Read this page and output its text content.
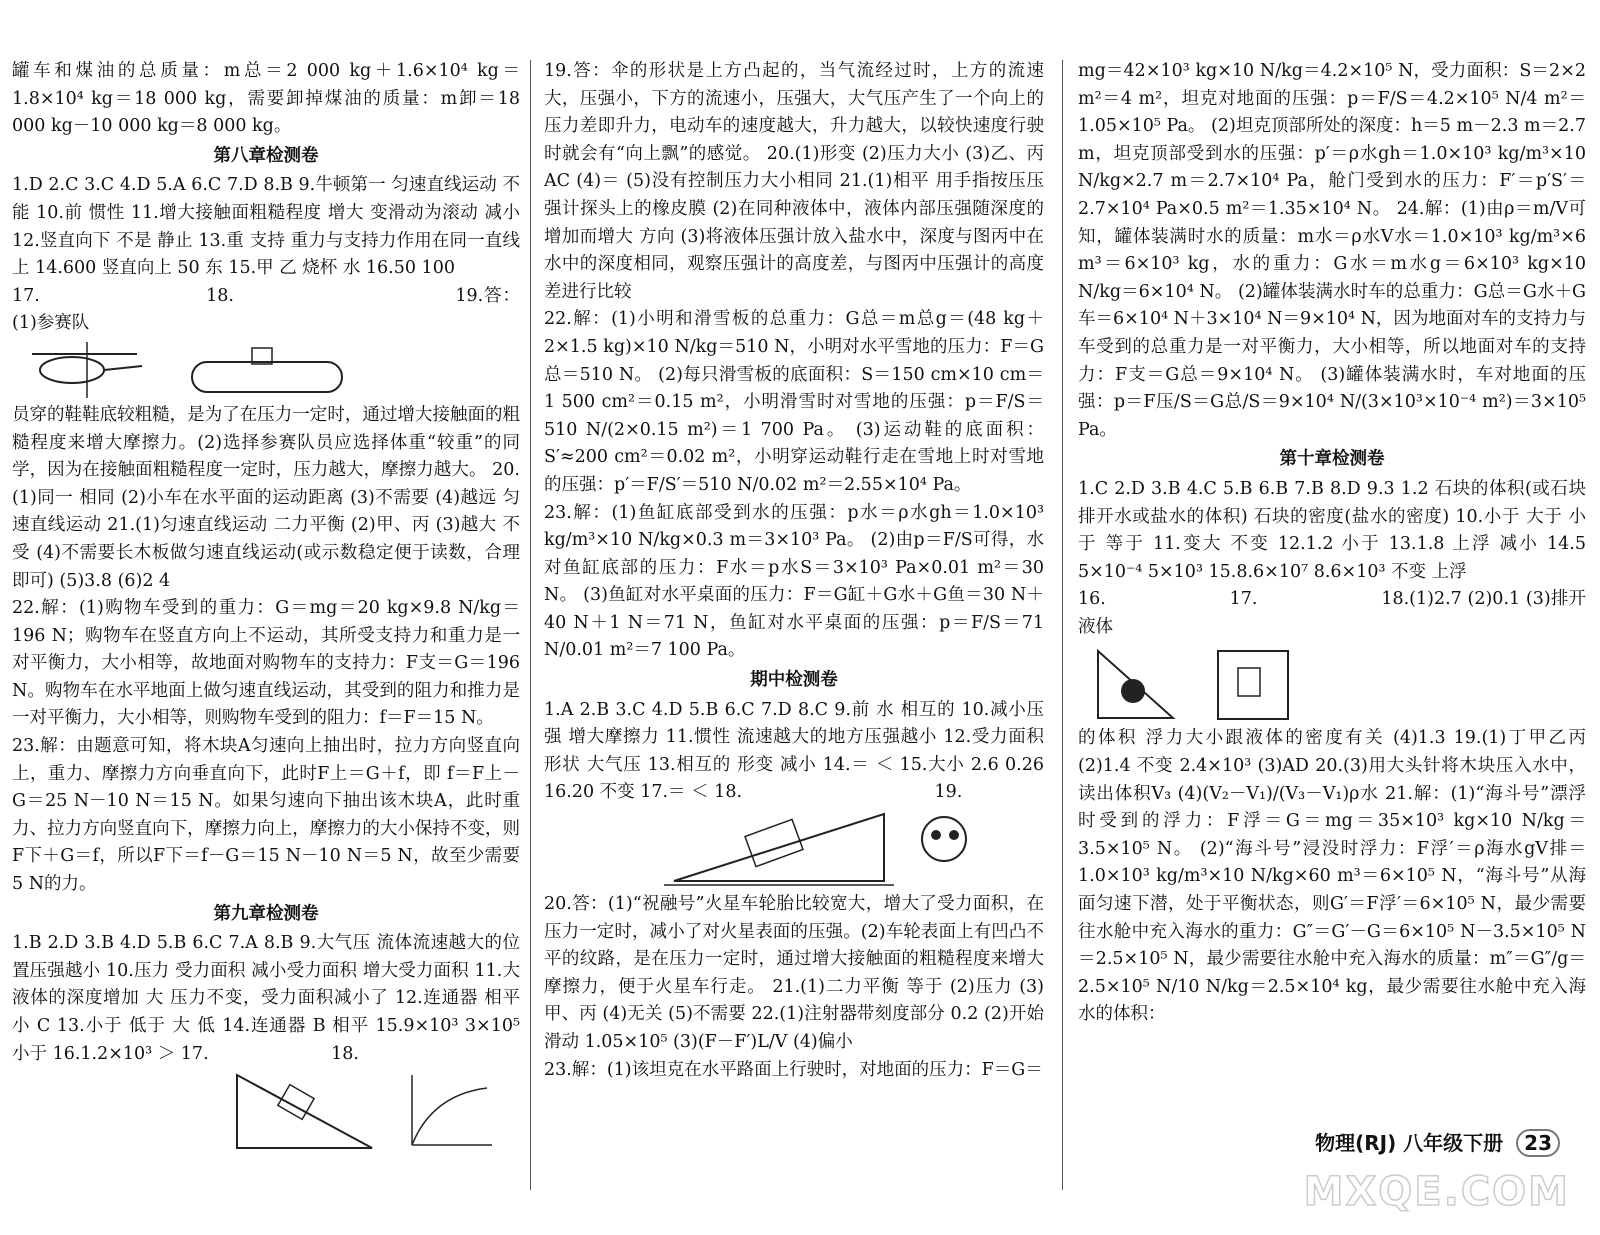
罐车和煤油的总质量：m总＝2 000 kg＋1.6×10⁴ kg＝1.8×10⁴ kg＝18 000 kg，需要卸掉煤油的质量：m卸＝18 000 kg－10 000 kg＝8 000 kg。

第八章检测卷

1.D 2.C 3.C 4.D 5.A 6.C 7.D 8.B 9.牛顿第一 匀速直线运动 不能 10.前 惯性 11.增大接触面粗糙程度 增大 变滑动为滚动 减小 12.竖直向下 不是 静止 13.重 支持 重力与支持力作用在同一直线上 14.600 竖直向上 50 东 15.甲 乙 烧杯 水 16.50 100

17.　　　　　　　　　18.　　　　　　　　　　　　19.答：(1)参赛队

员穿的鞋鞋底较粗糙，是为了在压力一定时，通过增大接触面的粗糙程度来增大摩擦力。(2)选择参赛队员应选择体重“较重”的同学，因为在接触面粗糙程度一定时，压力越大，摩擦力越大。 20.(1)同一 相同 (2)小车在水平面的运动距离 (3)不需要 (4)越远 匀速直线运动 21.(1)匀速直线运动 二力平衡 (2)甲、丙 (3)越大 不受 (4)不需要长木板做匀速直线运动(或示数稳定便于读数，合理即可) (5)3.8 (6)2 4

22.解：(1)购物车受到的重力：G＝mg＝20 kg×9.8 N/kg＝196 N；购物车在竖直方向上不运动，其所受支持力和重力是一对平衡力，大小相等，故地面对购物车的支持力：F支＝G＝196 N。购物车在水平地面上做匀速直线运动，其受到的阻力和推力是一对平衡力，大小相等，则购物车受到的阻力：f＝F＝15 N。

23.解：由题意可知，将木块A匀速向上抽出时，拉力方向竖直向上，重力、摩擦力方向垂直向下，此时F上＝G＋f，即 f＝F上－G＝25 N－10 N＝15 N。如果匀速向下抽出该木块A，此时重力、拉力方向竖直向下，摩擦力向上，摩擦力的大小保持不变，则F下＋G＝f，所以F下＝f－G＝15 N－10 N＝5 N，故至少需要5 N的力。

第九章检测卷

1.B 2.D 3.B 4.D 5.B 6.C 7.A 8.B 9.大气压 流体流速越大的位置压强越小 10.压力 受力面积 减小受力面积 增大受力面积 11.大 液体的深度增加 大 压力不变，受力面积减小了 12.连通器 相平 小 C 13.小于 低于 大 低 14.连通器 B 相平 15.9×10³ 3×10⁵ 小于 16.1.2×10³ ＞ 17.　　　　　　　18.

19.答：伞的形状是上方凸起的，当气流经过时，上方的流速大，压强小，下方的流速小，压强大，大气压产生了一个向上的压力差即升力，电动车的速度越大，升力越大，以较快速度行驶时就会有“向上飘”的感觉。 20.(1)形变 (2)压力大小 (3)乙、丙 AC (4)＝ (5)没有控制压力大小相同 21.(1)相平 用手指按压压强计探头上的橡皮膜 (2)在同种液体中，液体内部压强随深度的增加而增大 方向 (3)将液体压强计放入盐水中，深度与图丙中在水中的深度相同，观察压强计的高度差，与图丙中压强计的高度差进行比较

22.解：(1)小明和滑雪板的总重力：G总＝m总g＝(48 kg＋2×1.5 kg)×10 N/kg＝510 N，小明对水平雪地的压力：F＝G总＝510 N。 (2)每只滑雪板的底面积：S＝150 cm×10 cm＝1 500 cm²＝0.15 m²，小明滑雪时对雪地的压强：p＝F/S＝510 N/(2×0.15 m²)＝1 700 Pa。 (3)运动鞋的底面积：S′≈200 cm²＝0.02 m²，小明穿运动鞋行走在雪地上时对雪地的压强：p′＝F/S′＝510 N/0.02 m²＝2.55×10⁴ Pa。

23.解：(1)鱼缸底部受到水的压强：p水＝ρ水gh＝1.0×10³ kg/m³×10 N/kg×0.3 m＝3×10³ Pa。 (2)由p＝F/S可得，水对鱼缸底部的压力：F水＝p水S＝3×10³ Pa×0.01 m²＝30 N。 (3)鱼缸对水平桌面的压力：F＝G缸＋G水＋G鱼＝30 N＋40 N＋1 N＝71 N，鱼缸对水平桌面的压强：p＝F/S＝71 N/0.01 m²＝7 100 Pa。

期中检测卷

1.A 2.B 3.C 4.D 5.B 6.C 7.D 8.C 9.前 水 相互的 10.减小压强 增大摩擦力 11.惯性 流速越大的地方压强越小 12.受力面积 形状 大气压 13.相互的 形变 减小 14.＝ ＜ 15.大小 2.6 0.26 16.20 不变 17.＝ ＜ 18.　　　　　　　　　　　19.

20.答：(1)“祝融号”火星车轮胎比较宽大，增大了受力面积，在压力一定时，减小了对火星表面的压强。(2)车轮表面上有凹凸不平的纹路，是在压力一定时，通过增大接触面的粗糙程度来增大摩擦力，便于火星车行走。 21.(1)二力平衡 等于 (2)压力 (3)甲、丙 (4)无关 (5)不需要 22.(1)注射器带刻度部分 0.2 (2)开始滑动 1.05×10⁵ (3)(F－F′)L/V (4)偏小

23.解：(1)该坦克在水平路面上行驶时，对地面的压力：F＝G＝

mg＝42×10³ kg×10 N/kg＝4.2×10⁵ N，受力面积：S＝2×2 m²＝4 m²，坦克对地面的压强：p＝F/S＝4.2×10⁵ N/4 m²＝1.05×10⁵ Pa。 (2)坦克顶部所处的深度：h＝5 m－2.3 m＝2.7 m，坦克顶部受到水的压强：p′＝ρ水gh＝1.0×10³ kg/m³×10 N/kg×2.7 m＝2.7×10⁴ Pa，舱门受到水的压力：F′＝p′S′＝2.7×10⁴ Pa×0.5 m²＝1.35×10⁴ N。 24.解：(1)由ρ＝m/V可知，罐体装满时水的质量：m水＝ρ水V水＝1.0×10³ kg/m³×6 m³＝6×10³ kg，水的重力：G水＝m水g＝6×10³ kg×10 N/kg＝6×10⁴ N。 (2)罐体装满水时车的总重力：G总＝G水＋G车＝6×10⁴ N＋3×10⁴ N＝9×10⁴ N，因为地面对车的支持力与车受到的总重力是一对平衡力，大小相等，所以地面对车的支持力：F支＝G总＝9×10⁴ N。 (3)罐体装满水时，车对地面的压强：p＝F压/S＝G总/S＝9×10⁴ N/(3×10³×10⁻⁴ m²)＝3×10⁵ Pa。

第十章检测卷

1.C 2.D 3.B 4.C 5.B 6.B 7.B 8.D 9.3 1.2 石块的体积(或石块排开水或盐水的体积) 石块的密度(盐水的密度) 10.小于 大于 小于 等于 11.变大 不变 12.1.2 小于 13.1.8 上浮 减小 14.5 5×10⁻⁴ 5×10³ 15.8.6×10⁷ 8.6×10³ 不变 上浮

16.　　　　　　　17.　　　　　　　18.(1)2.7 (2)0.1 (3)排开液体

的体积 浮力大小跟液体的密度有关 (4)1.3 19.(1)丁甲乙丙 (2)1.4 不变 2.4×10³ (3)AD 20.(3)用大头针将木块压入水中，读出体积V₃ (4)(V₂－V₁)/(V₃－V₁)ρ水 21.解：(1)“海斗号”漂浮时受到的浮力：F浮＝G＝mg＝35×10³ kg×10 N/kg＝3.5×10⁵ N。 (2)“海斗号”浸没时浮力：F浮′＝ρ海水gV排＝1.0×10³ kg/m³×10 N/kg×60 m³＝6×10⁵ N，“海斗号”从海面匀速下潜，处于平衡状态，则G′＝F浮′＝6×10⁵ N，最少需要往水舱中充入海水的重力：G″＝G′－G＝6×10⁵ N－3.5×10⁵ N＝2.5×10⁵ N，最少需要往水舱中充入海水的质量：m″＝G″/g＝2.5×10⁵ N/10 N/kg＝2.5×10⁴ kg，最少需要往水舱中充入海水的体积：

物理(RJ) 八年级下册 23
MXQE.COM
